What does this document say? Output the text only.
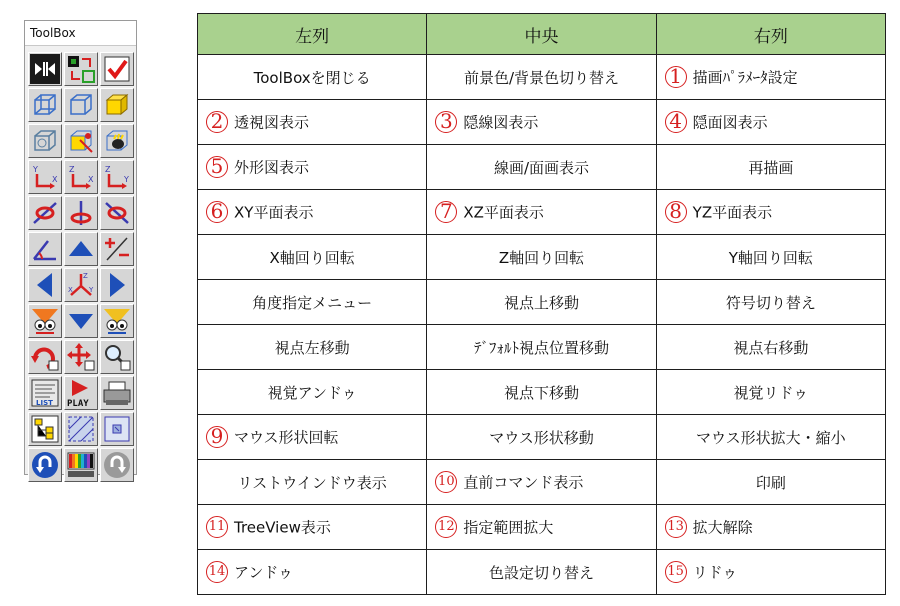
ToolBox
Y
X
Z
X
Z
Y
Z
X Y
LIST PLAY
左列	中央	右列
ToolBoxを閉じる	前景色/背景色切り替え	1 描画ﾊﾟﾗﾒｰﾀ設定
2 透視図表示	3 隠線図表示	4 隠面図表示
5 外形図表示	線画/面画表示	再描画
6 XY平面表示	7 XZ平面表示	8 YZ平面表示
X軸回り回転	Z軸回り回転	Y軸回り回転
角度指定メニュー	視点上移動	符号切り替え
視点左移動	ﾃﾞﾌｫﾙﾄ視点位置移動	視点右移動
視覚アンドゥ	視点下移動	視覚リドゥ
9 マウス形状回転	マウス形状移動	マウス形状拡大・縮小
リストウインドウ表示	10 直前コマンド表示	印刷
11 TreeView表示	12 指定範囲拡大	13 拡大解除
14 アンドゥ	色設定切り替え	15 リドゥ
